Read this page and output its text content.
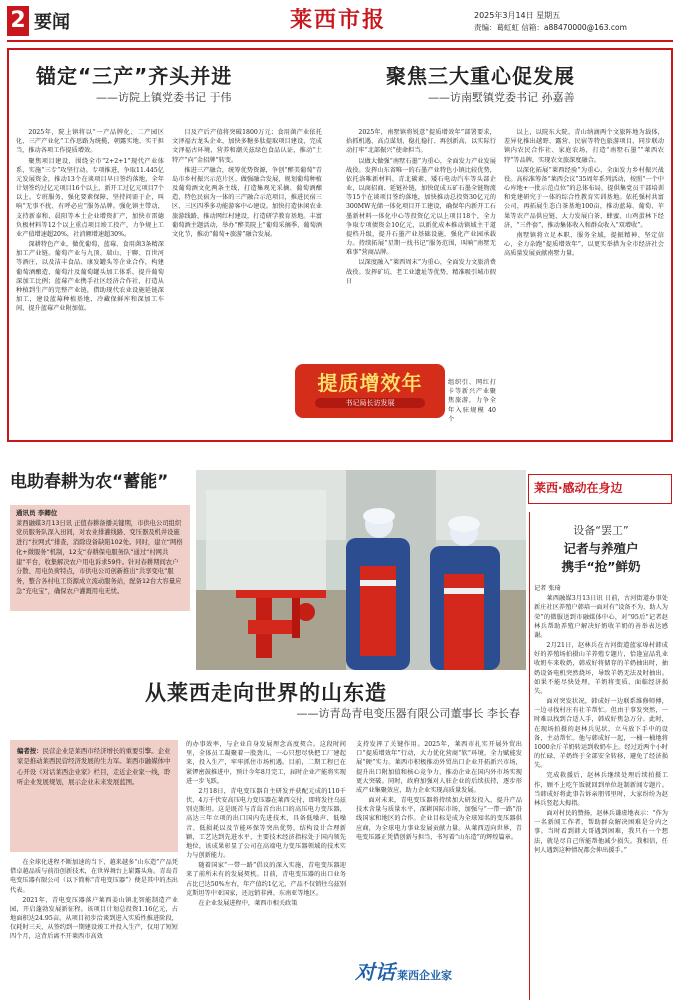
2 要闻	莱西市报	2025年3月14日 星期五
责编：葛虹虹 信箱：a88470000@163.com
锚定“三产”齐头并进
——访院上镇党委书记 于伟
聚焦三大重心促发展
——访南墅镇党委书记 孙嘉善

2025年，院上镇将以“一产品牌化、二产园区化、三产产业化”工作思路为统揽，朝露实地、实干担当，推动各项工作提质增效。

聚焦项目建设，围绕全市“2+2+1”现代产业体系，实施“三专”攻坚行动。专项推进，争取11.445亿元发展资金，推动13个在谈项目早日签约落地，全年计划签约过亿元项目16个以上，新开工过亿元项目7个以上。专班服务，强化要素保障，坚持问需于企，叫响“无事不扰、有呼必应”服务品牌。强化镇主带动，支持新泰和、晨阳等本土企业增资扩产，加快市雷德负极材料等12个以上重点项目竣工投产，力争规上工业产值增速超20%，社消额增速超30%。

深耕特色产业，做优葡萄、蓝莓、食用菌3条精深加工产业链。葡萄产业与九顶、瑞山、于聊、百世河等酒庄，以及洁丰食品、康发罐头等企业合作，构建葡萄酒酿造、葡萄汁及葡萄罐头加工体系，提升葡萄深加工比例；蓝莓产业携手社区经济合作社，打造从种植到生产的完整产业链，借助现代农业设施延链深加工，建设蓝莓种植基地、冷藏保鲜库和深加工车间，提升蓝莓产业附加值。

目及产后产值将突破1800万元；食用菌产业依托文泽福古龙头企业，加快多糖多肽提取项目建设，完成文泽福古环境、营养和潮关兹绿色食品认证，推动“土特产”向“金招牌”转变。

推进三产融合，统筹优势资源，争创“醉美葡萄”青岛市乡村振兴示范片区。做强融合发展，规划葡萄种植及葡萄酒文化两条主线，打造集观光采摘、葡萄酒酿造、特色民宿为一体的三产融合示范项目，推进民宿三区、三区四季多功能游客中心建设。加快打造休闲农业旅游线路，推动网红村建设，打造研学教育基地。丰富葡萄酒主题活动，举办“醉美院上”葡萄采摘季、葡萄酒文化节，推动“葡萄+旅游”融合发展。

2025年，南墅镇将锐意“提质增效年”部署要求，拾抓机遇、高点谋划，稳扎稳打、再创新高，以实际行动打牢“北部振兴”使命担当。

以做大做强“南墅石墨”为重心，全面发力产业发展战役。发挥山东省唯一的石墨产业特色小镇比较优势，依托洛唯新材料、青北碳素、矮石电动汽车等头部企业，以商招商、延链补链，加快促成五矿石墨全链物流等15个在谈项目签约落地，加快推动总投资30亿元的300MW光储一体化项目开工建设，确保年内新开工石墨新材料一体化中心等投资亿元以上项目18个，全力争取专项债资金10亿元，以新优成本推动镇域主干道提档升级，提升石墨产业基础设施，强化产业园承载力。持续拓展“星期一找书记”服务范围，叫响“南墅无难事”营商品牌。

以深度融入“莱西周末”为重心，全面发力文旅消费战役。发挥矿坑、老工业遗址等优势，精准吸引城市假日

组织引、网红打卡等新兴产业聚焦旅游，力争全年入驻规模 40 个

以上，以院东大院、青山纳滴两个文旅阵地为载体，差异化推出越野、露营、民宿等特色旅游项目，同步联动镇内农民合作社、家庭农场，打造“南墅石墨”“莱西农特”等品牌，实现农文旅深度融合。

以深化拓展“莱西经验”为重心，全面发力乡村振兴战役。高标准筹备“莱西会议”35周年系列活动，按照“一个中心库地+一批示范点位”的总体布局，提供集党员干部培训和党建研究于一体的综合性教育实训基地。依托强村共富公司，再拓展生态白茶基地100亩，推动蓝莓、葡萄、苹果等农产品供应链，大力发展白茶、蜂蜜、山鸡蛋林下经济，“三件套”，推动集体收入和群众收入“双增收”。

南墅镇将立足本职、服务全域，提振精神、坚定信心，全力杂跑“提质增效年”，以更实举措为全市经济社会高质量发展贡献南墅力量。

提质增效年
书记局长访发展
电助春耕为农“蓄能”

通讯员 李卿位

莱西融媒3月13日讯 正值春耕备播关键期，市供电公司组织党员服务队深入田间，对农业排灌线路、变压器及机井设施进行“拉网式”排查，消除设备缺陷102处。同时，建立“网格化+微服务”机制，12支“春耕保电服务队”通过“村网共建”平台，收集解决农户用电诉求59件。针对春耕期间农户分散、用电负荷特点，市供电公司创新推出“共享变电”服务，整合各村电工资源成立流动服务站，配备12台大容量应急“充电宝”，确保农户灌溉用电无忧。

莱西·感动在身边
设备“罢工”
记者与养殖户
携手“抢”鲜奶

记者 张琦

莱西融媒3月13日讯 日前，古河街道办事处新庄社区养殖户韩培一面对有“设备不为、助人为荣”的微服送到市融媒体中心，对“95后”记者赵林兵帮助养殖户解决好奶收羊奶的善举表达感谢。

2月21日，赵林兵在古河街道蓝家埠村韩成好的养殖场拍摄山羊养殖专题片，恰逢宣品乳业收奶车来收奶，韩成好将储存的羊奶抽出时，抽奶设备电机突然烧坏，导致羊奶无法及时抽出。如果不能尽快处理，羊奶将变质，面临经济损失。

面对突发状况，韩成好一边联系维修师傅，一边寻找村庄有社羊帮忙。但由于事发突然，一时难以找到合适人手，韩成好焦急万分。此时，在现场拍摄的赵林兵见状，立马放下手中的设备，主动帮忙。他与韩成好一起，一桶一桶地将1000余斤羊奶转运到收奶车上。经过近两个小时的忙碌，羊奶终于全部安全转移，避免了经济损失。

完成救援后，赵林兵继续处理后续拍摄工作，顾不上吃午饭就回到单位赶制新闻专题片。当韩成好将此事告诉亲朋邻里时，大家纷纷为赵林兵竖起大拇指。

面对村民的赞扬，赵林兵谦虚地表示：“作为一名新闻工作者，帮助群众解决困难是分内之事。当时看到韩大哥遇到困难，我只有一个想法，就是尽自己所能帮他减少损失。我相信，任何人遇到这种情况都会伸出援手。”

从莱西走向世界的山东造
——访青岛青电变压器有限公司董事长 李长春

编者按：民营企业是莱西市经济增长的重要引擎。企业家是推动莱西民营经济发展的生力军。莱西市融媒体中心开设《对话莱西企业家》栏目，走近企业家一线，聆听企业发展规划，展示企业未来发展蓝图。

在全球化进程不断加速的当下，越来越多“山东造”产品凭借卓越品质与前沿创新技术，在世界舞台上崭露头角。青岛青电变压器有限公司（以下简称“青电变压器”）便是其中的杰出代表。

2021年，青电变压器落户莱西姜山镇北智能制造产业园，开启蓬勃发展新征程。该项目计划总投资1.16亿元，占地面积达24.95亩。从项目初步洽谈到进入实质性推进阶段，仅耗时三天，从签约到一期建设竣工并投入生产，仅用了短短四个月，这背后离不开莱西市高效

的办事效率，与企业自身发展理念高度契合。这段时间里，全体员工凝聚着一股劲儿，一心只想尽快把工厂建起来，投入生产，牢牢抓住市场机遇。目前，二期工程已在紧锣密鼓推进中，预计今年8月完工，届时企业产能将实现进一步飞跃。

2月18日，青电变压器自主研发并获配元成的110千伏、4万千伏安高压电力变压器在莱西交付，即将发往乌兹别克斯坦。这是既首与青岛首台出口的高压电力变压器，高达三年立项的出口国内先进技术，具备低噪声、低噪音、低损耗以及节能环保等突出优势，结构设计合理新颖，工艺达到先进水平，主要技术经济指标处于国内领先地位，该成果彰显了公司在高端电力变压器领域的技术实力与创新能力。

随着国家“一带一路”倡议的深入实施，青电变压器迎来了前所未有的发展契机。目前，青电变压器的出口业务占比已达50%左右，年产值约1亿元，产品不仅销往乌兹别克斯坦等中亚国家，还远销非洲、东南亚等地区。

在企业发展进程中，莱西市相关政策

支持发挥了关键作用。2025年，莱西市扎实开展外贸出口“提质增效年”行动，大力优化营商“软”环境，全力赋能发展“硬”实力。莱西市积极推动外贸出口企业开拓新兴市场，提升出口附加值和核心竞争力，推动企业在国内外市场实现更大突破。同时，政府加强对人驻企业的后续扶持，逐步形成产业集聚效应，助力企业实现高质量发展。

面对未来，青电变压器将持续加大研发投入，提升产品技术含量与质量水平，深耕国际市场，加强与“一带一路”沿线国家和地区的合作。企业目标是成为全球知名的变压器供应商，为全球电力事业发展贡献力量。从莱西迈向世界，青电变压器正凭借创新与担当，书写着“山东造”的辉煌篇章。

对话 莱西企业家
